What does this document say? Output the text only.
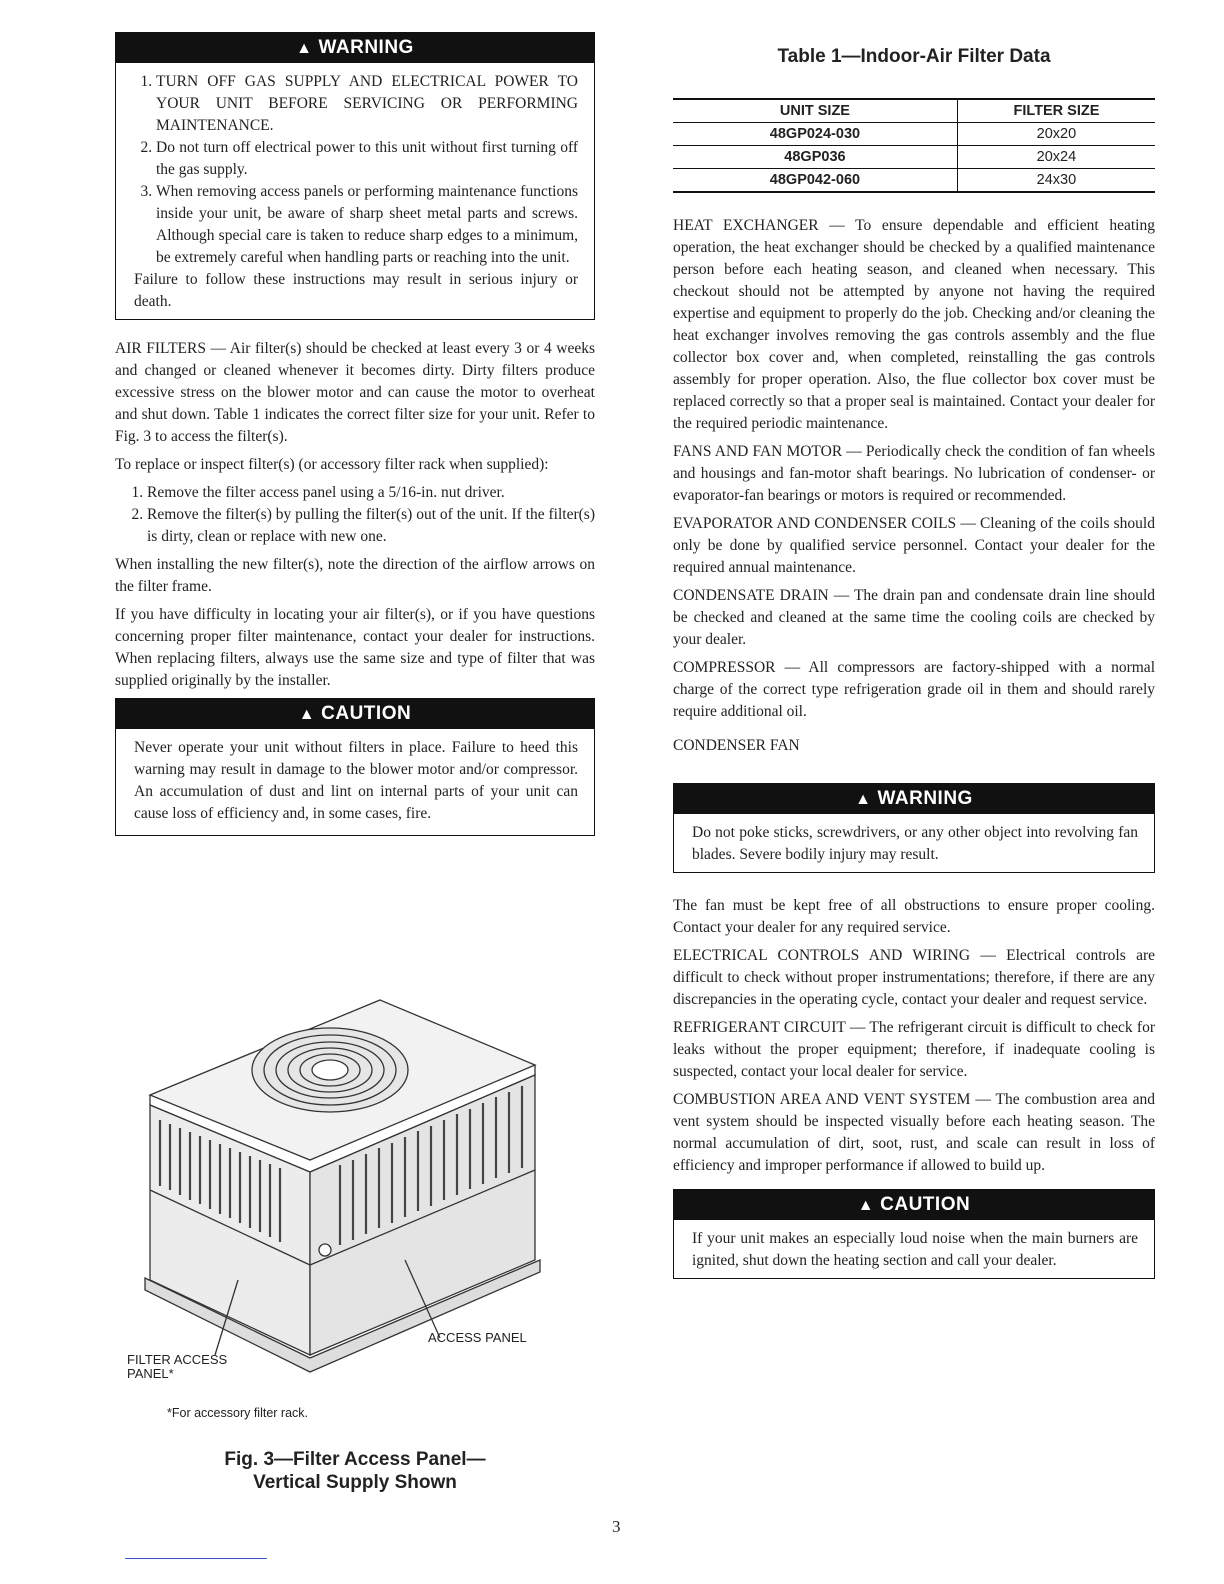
▲ WARNING
1. TURN OFF GAS SUPPLY AND ELECTRICAL POWER TO YOUR UNIT BEFORE SERVICING OR PERFORMING MAINTENANCE.
2. Do not turn off electrical power to this unit without first turning off the gas supply.
3. When removing access panels or performing maintenance functions inside your unit, be aware of sharp sheet metal parts and screws. Although special care is taken to reduce sharp edges to a minimum, be extremely careful when handling parts or reaching into the unit.

Failure to follow these instructions may result in serious injury or death.

AIR FILTERS — Air filter(s) should be checked at least every 3 or 4 weeks and changed or cleaned whenever it becomes dirty. Dirty filters produce excessive stress on the blower motor and can cause the motor to overheat and shut down. Table 1 indicates the correct filter size for your unit. Refer to Fig. 3 to access the filter(s).

To replace or inspect filter(s) (or accessory filter rack when supplied):

1. Remove the filter access panel using a 5/16-in. nut driver.
2. Remove the filter(s) by pulling the filter(s) out of the unit. If the filter(s) is dirty, clean or replace with new one.

When installing the new filter(s), note the direction of the airflow arrows on the filter frame.

If you have difficulty in locating your air filter(s), or if you have questions concerning proper filter maintenance, contact your dealer for instructions. When replacing filters, always use the same size and type of filter that was supplied originally by the installer.

▲ CAUTION

Never operate your unit without filters in place. Failure to heed this warning may result in damage to the blower motor and/or compressor. An accumulation of dust and lint on internal parts of your unit can cause loss of efficiency and, in some cases, fire.

FILTER ACCESS PANEL*
ACCESS PANEL
*For accessory filter rack.
Fig. 3—Filter Access Panel—
Vertical Supply Shown
Table 1—Indoor-Air Filter Data
UNIT SIZE	FILTER SIZE
48GP024-030	20x20
48GP036	20x24
48GP042-060	24x30

HEAT EXCHANGER — To ensure dependable and efficient heating operation, the heat exchanger should be checked by a qualified maintenance person before each heating season, and cleaned when necessary. This checkout should not be attempted by anyone not having the required expertise and equipment to properly do the job. Checking and/or cleaning the heat exchanger involves removing the gas controls assembly and the flue collector box cover and, when completed, reinstalling the gas controls assembly for proper operation. Also, the flue collector box cover must be replaced correctly so that a proper seal is maintained. Contact your dealer for the required periodic maintenance.

FANS AND FAN MOTOR — Periodically check the condition of fan wheels and housings and fan-motor shaft bearings. No lubrication of condenser- or evaporator-fan bearings or motors is required or recommended.

EVAPORATOR AND CONDENSER COILS — Cleaning of the coils should only be done by qualified service personnel. Contact your dealer for the required annual maintenance.

CONDENSATE DRAIN — The drain pan and condensate drain line should be checked and cleaned at the same time the cooling coils are checked by your dealer.

COMPRESSOR — All compressors are factory-shipped with a normal charge of the correct type refrigeration grade oil in them and should rarely require additional oil.

CONDENSER FAN

▲ WARNING

Do not poke sticks, screwdrivers, or any other object into revolving fan blades. Severe bodily injury may result.

The fan must be kept free of all obstructions to ensure proper cooling. Contact your dealer for any required service.

ELECTRICAL CONTROLS AND WIRING — Electrical controls are difficult to check without proper instrumentations; therefore, if there are any discrepancies in the operating cycle, contact your dealer and request service.

REFRIGERANT CIRCUIT — The refrigerant circuit is difficult to check for leaks without the proper equipment; therefore, if inadequate cooling is suspected, contact your local dealer for service.

COMBUSTION AREA AND VENT SYSTEM — The combustion area and vent system should be inspected visually before each heating season. The normal accumulation of dirt, soot, rust, and scale can result in loss of efficiency and improper performance if allowed to build up.

▲ CAUTION

If your unit makes an especially loud noise when the main burners are ignited, shut down the heating section and call your dealer.

3
